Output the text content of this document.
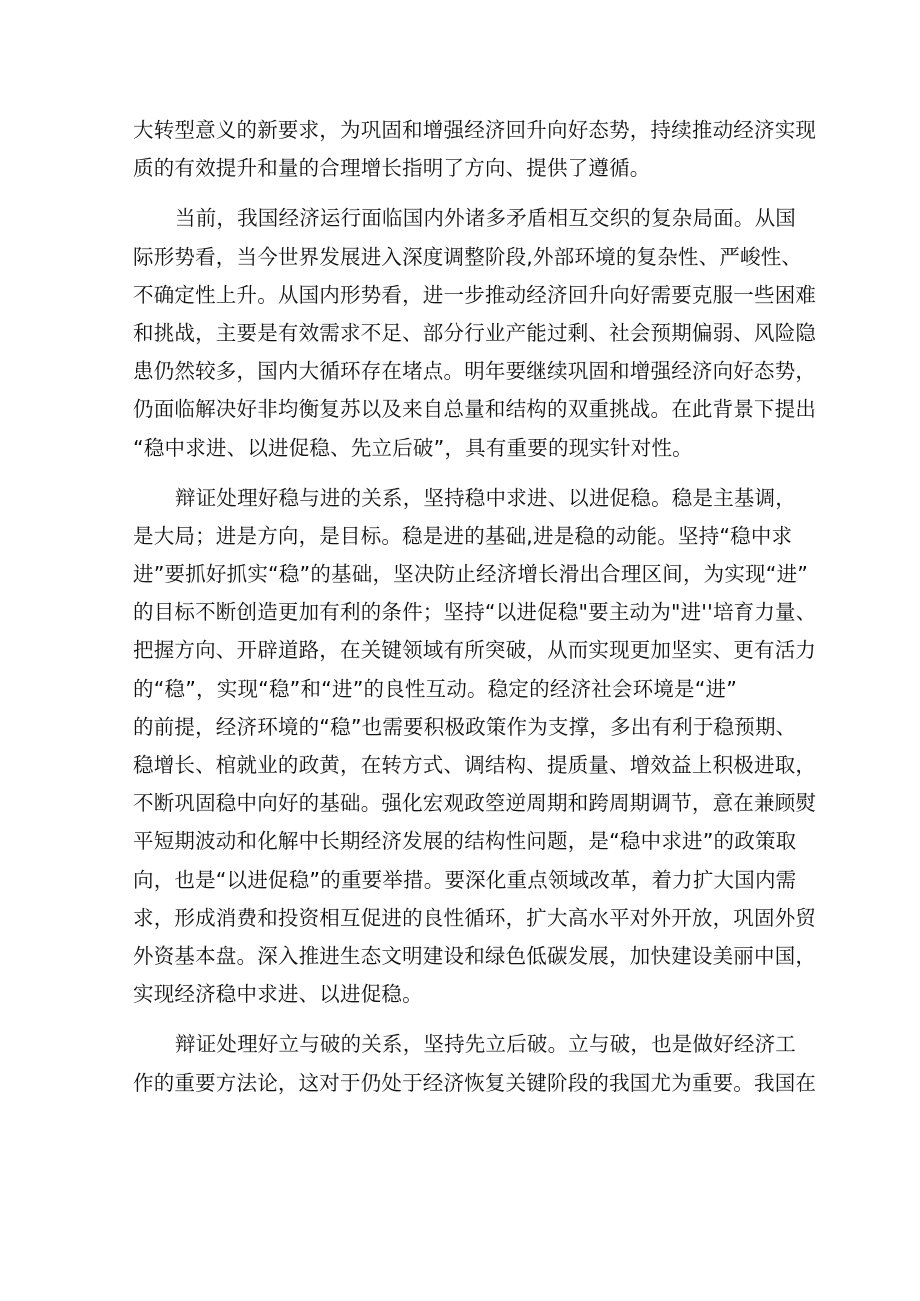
大转型意义的新要求，为巩固和增强经济回升向好态势，持续推动经济实现
质的有效提升和量的合理增长指明了方向、提供了遵循。
当前，我国经济运行面临国内外诸多矛盾相互交织的复杂局面。从国
际形势看，当今世界发展进入深度调整阶段,外部环境的复杂性、严峻性、
不确定性上升。从国内形势看，进一步推动经济回升向好需要克服一些困难
和挑战，主要是有效需求不足、部分行业产能过剩、社会预期偏弱、风险隐
患仍然较多，国内大循环存在堵点。明年要继续巩固和增强经济向好态势，
仍面临解决好非均衡复苏以及来自总量和结构的双重挑战。在此背景下提出
“稳中求进、以进促稳、先立后破”，具有重要的现实针对性。
辩证处理好稳与进的关系，坚持稳中求进、以进促稳。稳是主基调，
是大局；进是方向，是目标。稳是进的基础,进是稳的动能。坚持“稳中求
进”要抓好抓实“稳”的基础，坚决防止经济增长滑出合理区间，为实现“进”
的目标不断创造更加有利的条件；坚持“以进促稳"要主动为"进''培育力量、
把握方向、开辟道路，在关键领域有所突破，从而实现更加坚实、更有活力
的“稳”，实现“稳”和“进”的良性互动。稳定的经济社会环境是“进”
的前提，经济环境的“稳”也需要积极政策作为支撑，多出有利于稳预期、
稳增长、棺就业的政黄，在转方式、调结构、提质量、增效益上积极进取，
不断巩固稳中向好的基础。强化宏观政箜逆周期和跨周期调节，意在兼顾熨
平短期波动和化解中长期经济发展的结构性问题，是“稳中求进”的政策取
向，也是“以进促稳”的重要举措。要深化重点领域改革，着力扩大国内需
求，形成消费和投资相互促进的良性循环，扩大高水平对外开放，巩固外贸
外资基本盘。深入推进生态文明建设和绿色低碳发展，加快建设美丽中国，
实现经济稳中求进、以进促稳。
辩证处理好立与破的关系，坚持先立后破。立与破，也是做好经济工
作的重要方法论，这对于仍处于经济恢复关键阶段的我国尤为重要。我国在
